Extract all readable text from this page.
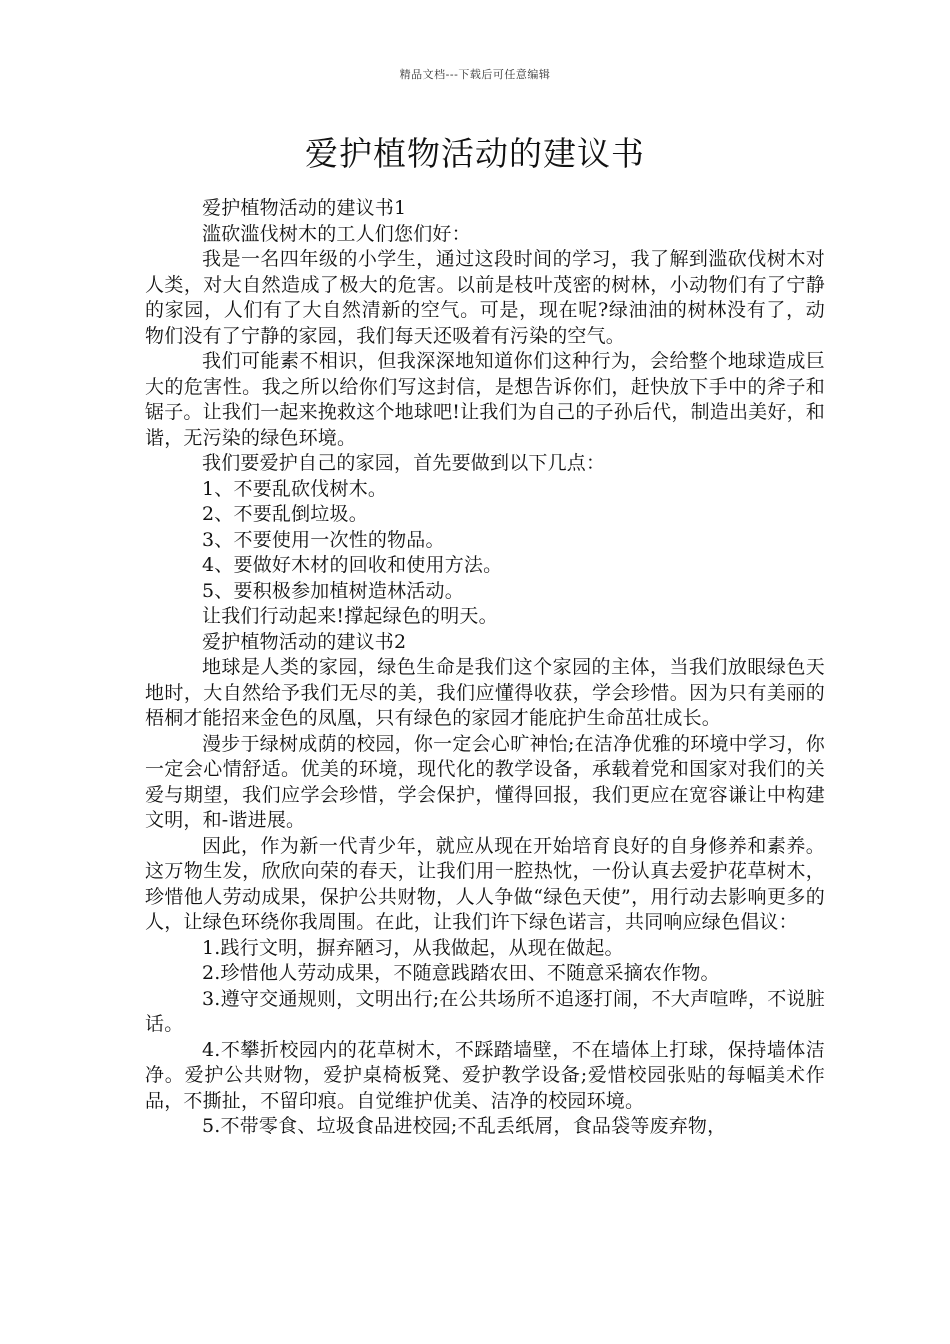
精品文档---下载后可任意编辑
爱护植物活动的建议书

爱护植物活动的建议书1

滥砍滥伐树木的工人们您们好：

我是一名四年级的小学生，通过这段时间的学习，我了解到滥砍伐树木对人类，对大自然造成了极大的危害。以前是枝叶茂密的树林，小动物们有了宁静的家园，人们有了大自然清新的空气。可是，现在呢?绿油油的树林没有了，动物们没有了宁静的家园，我们每天还吸着有污染的空气。

我们可能素不相识，但我深深地知道你们这种行为，会给整个地球造成巨大的危害性。我之所以给你们写这封信，是想告诉你们，赶快放下手中的斧子和锯子。让我们一起来挽救这个地球吧!让我们为自己的子孙后代，制造出美好，和谐，无污染的绿色环境。

我们要爱护自己的家园，首先要做到以下几点：

1、不要乱砍伐树木。

2、不要乱倒垃圾。

3、不要使用一次性的物品。

4、要做好木材的回收和使用方法。

5、要积极参加植树造林活动。

让我们行动起来!撑起绿色的明天。

爱护植物活动的建议书2

地球是人类的家园，绿色生命是我们这个家园的主体，当我们放眼绿色天地时，大自然给予我们无尽的美，我们应懂得收获，学会珍惜。因为只有美丽的梧桐才能招来金色的凤凰，只有绿色的家园才能庇护生命茁壮成长。

漫步于绿树成荫的校园，你一定会心旷神怡;在洁净优雅的环境中学习，你一定会心情舒适。优美的环境，现代化的教学设备，承载着党和国家对我们的关爱与期望，我们应学会珍惜，学会保护，懂得回报，我们更应在宽容谦让中构建文明，和-谐进展。

因此，作为新一代青少年，就应从现在开始培育良好的自身修养和素养。这万物生发，欣欣向荣的春天，让我们用一腔热忱，一份认真去爱护花草树木，珍惜他人劳动成果，保护公共财物，人人争做“绿色天使”，用行动去影响更多的人，让绿色环绕你我周围。在此，让我们许下绿色诺言，共同响应绿色倡议：

1.践行文明，摒弃陋习，从我做起，从现在做起。

2.珍惜他人劳动成果，不随意践踏农田、不随意采摘农作物。

3.遵守交通规则，文明出行;在公共场所不追逐打闹，不大声喧哗，不说脏话。

4.不攀折校园内的花草树木，不踩踏墙壁，不在墙体上打球，保持墙体洁净。爱护公共财物，爱护桌椅板凳、爱护教学设备;爱惜校园张贴的每幅美术作品，不撕扯，不留印痕。自觉维护优美、洁净的校园环境。

5.不带零食、垃圾食品进校园;不乱丢纸屑，食品袋等废弃物，
